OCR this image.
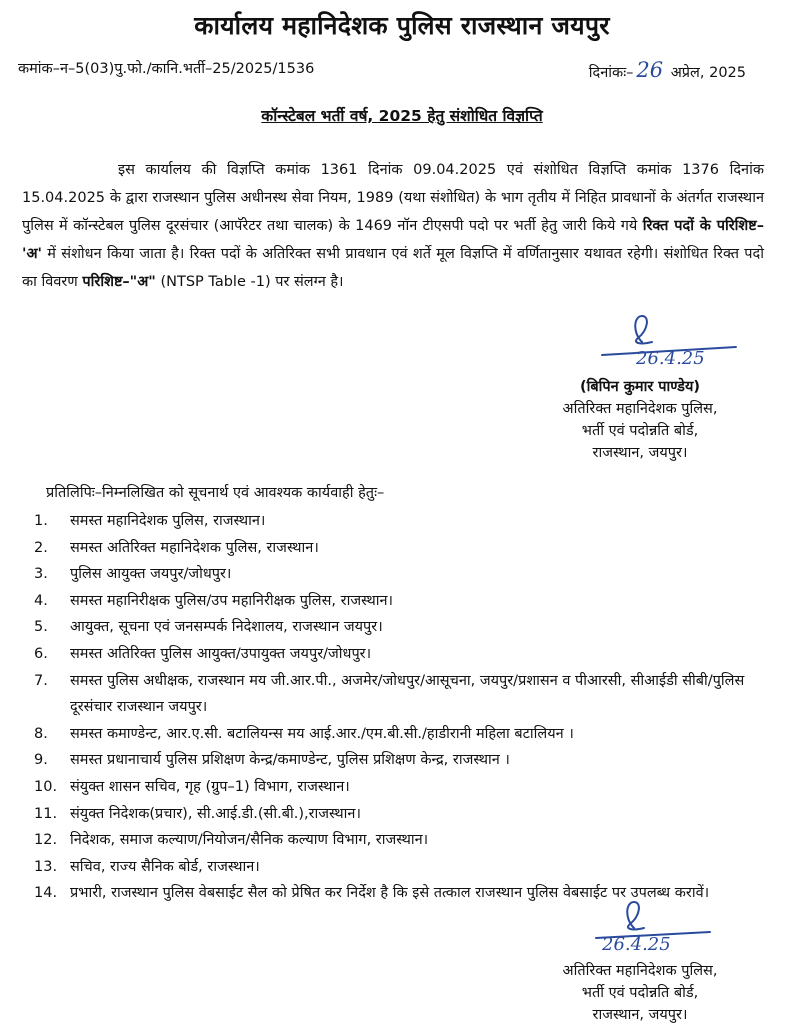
कार्यालय महानिदेशक पुलिस राजस्थान जयपुर
कमांक–न–5(03)पु.फो./कानि.भर्ती–25/2025/1536	दिनांकः– 26 अप्रेल, 2025
कॉन्स्टेबल भर्ती वर्ष, 2025 हेतु संशोधित विज्ञप्ति
इस कार्यालय की विज्ञप्ति कमांक 1361 दिनांक 09.04.2025 एवं संशोधित विज्ञप्ति कमांक 1376 दिनांक 15.04.2025 के द्वारा राजस्थान पुलिस अधीनस्थ सेवा नियम, 1989 (यथा संशोधित) के भाग तृतीय में निहित प्रावधानों के अंतर्गत राजस्थान पुलिस में कॉन्स्टेबल पुलिस दूरसंचार (आपॅरेटर तथा चालक) के 1469 नॉन टीएसपी पदो पर भर्ती हेतु जारी किये गये रिक्त पदों के परिशिष्ट– 'अ' में संशोधन किया जाता है। रिक्त पदों के अतिरिक्त सभी प्रावधान एवं शर्ते मूल विज्ञप्ति में वर्णितानुसार यथावत रहेगी। संशोधित रिक्त पदो का विवरण परिशिष्ट–"अ" (NTSP Table -1) पर संलग्न है।
26.4.25
(बिपिन कुमार पाण्डेय)
अतिरिक्त महानिदेशक पुलिस,
भर्ती एवं पदोन्नति बोर्ड,
राजस्थान, जयपुर।
प्रतिलिपिः–निम्नलिखित को सूचनार्थ एवं आवश्यक कार्यवाही हेतुः–
1.	समस्त महानिदेशक पुलिस, राजस्थान।
2.	समस्त अतिरिक्त महानिदेशक पुलिस, राजस्थान।
3.	पुलिस आयुक्त जयपुर/जोधपुर।
4.	समस्त महानिरीक्षक पुलिस/उप महानिरीक्षक पुलिस, राजस्थान।
5.	आयुक्त, सूचना एवं जनसम्पर्क निदेशालय, राजस्थान जयपुर।
6.	समस्त अतिरिक्त पुलिस आयुक्त/उपायुक्त जयपुर/जोधपुर।
7.	समस्त पुलिस अधीक्षक, राजस्थान मय जी.आर.पी., अजमेर/जोधपुर/आसूचना, जयपुर/प्रशासन व पीआरसी, सीआईडी सीबी/पुलिस दूरसंचार राजस्थान जयपुर।
8.	समस्त कमाण्डेन्ट, आर.ए.सी. बटालियन्स मय आई.आर./एम.बी.सी./हाडीरानी महिला बटालियन ।
9.	समस्त प्रधानाचार्य पुलिस प्रशिक्षण केन्द्र/कमाण्डेन्ट, पुलिस प्रशिक्षण केन्द्र, राजस्थान ।
10. संयुक्त शासन सचिव, गृह (ग्रुप–1) विभाग, राजस्थान।
11. संयुक्त निदेशक(प्रचार), सी.आई.डी.(सी.बी.),राजस्थान।
12. निदेशक, समाज कल्याण/नियोजन/सैनिक कल्याण विभाग, राजस्थान।
13. सचिव, राज्य सैनिक बोर्ड, राजस्थान।
14. प्रभारी, राजस्थान पुलिस वेबसाईट सैल को प्रेषित कर निर्देश है कि इसे तत्काल राजस्थान पुलिस वेबसाईट पर उपलब्ध करावें।
26.4.25
अतिरिक्त महानिदेशक पुलिस,
भर्ती एवं पदोन्नति बोर्ड,
राजस्थान, जयपुर।
